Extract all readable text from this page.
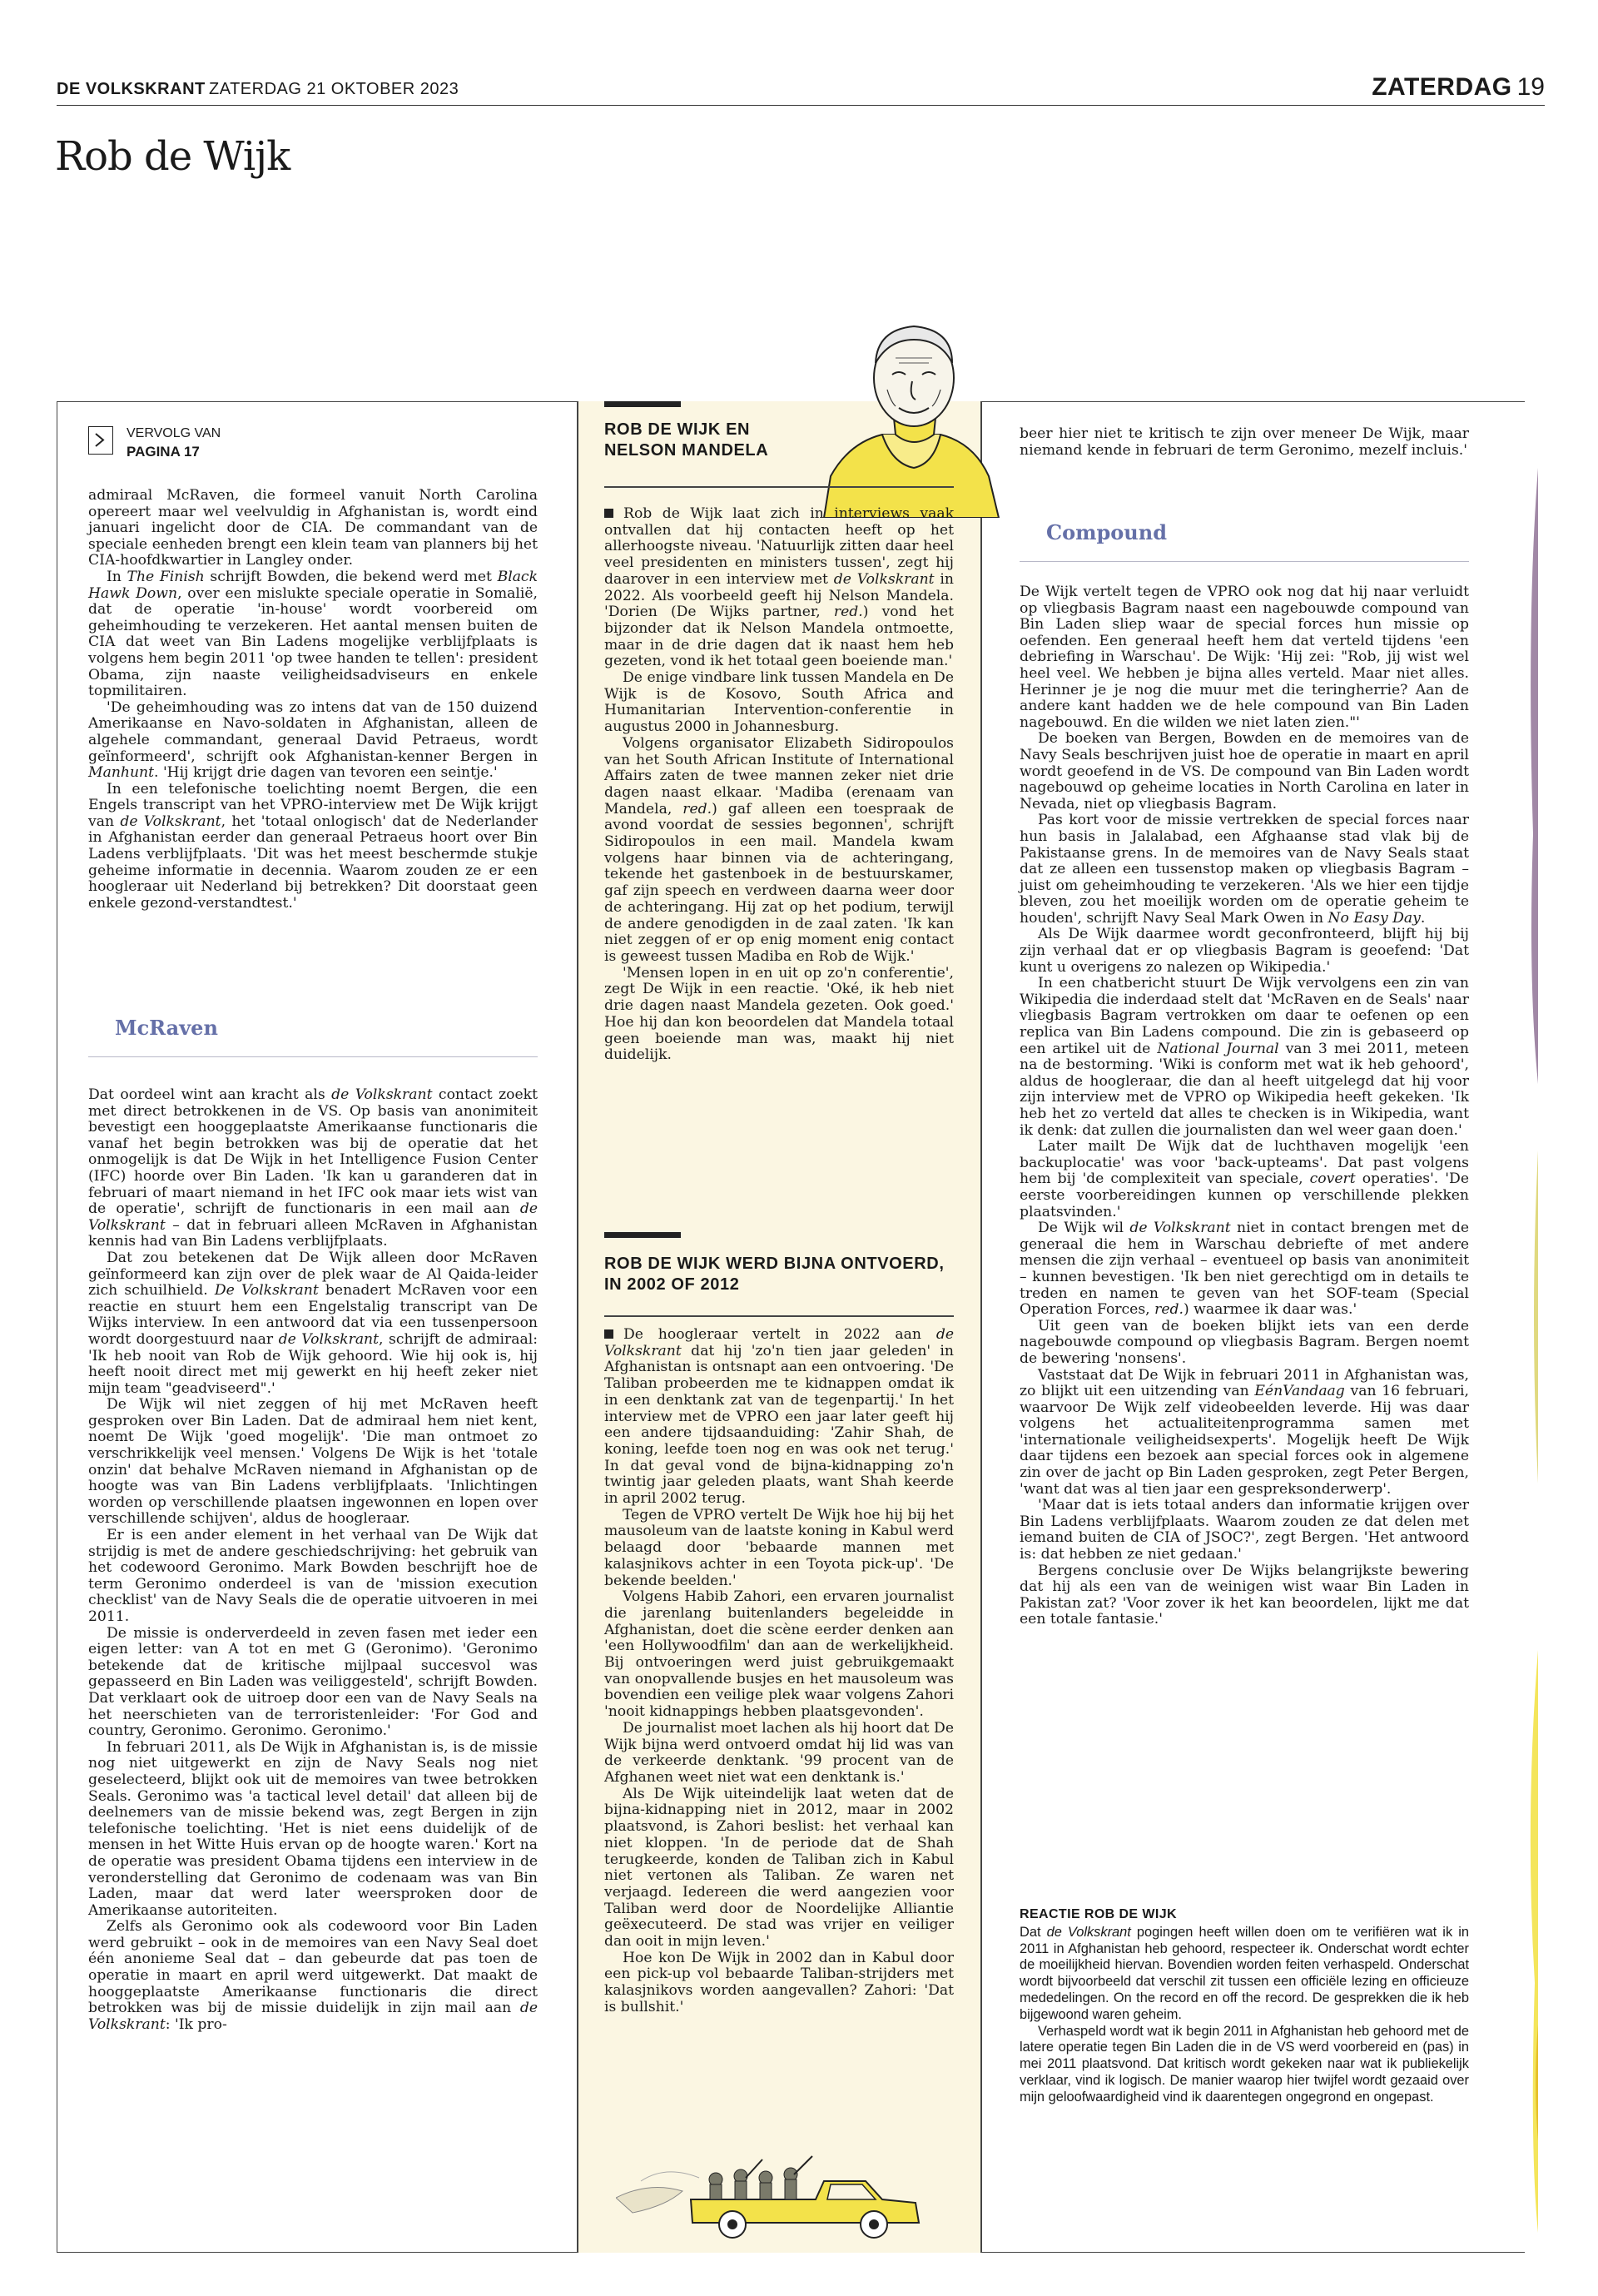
DE VOLKSKRANT ZATERDAG 21 OKTOBER 2023	ZATERDAG 19
Rob de Wijk
VERVOLG VAN
PAGINA 17

admiraal McRaven, die formeel vanuit North Carolina opereert maar wel veelvuldig in Afghanistan is, wordt eind januari ingelicht door de CIA. De commandant van de speciale eenheden brengt een klein team van planners bij het CIA-hoofdkwartier in Langley onder.

In The Finish schrijft Bowden, die bekend werd met Black Hawk Down, over een mislukte speciale operatie in Somalië, dat de operatie 'in-house' wordt voorbereid om geheimhouding te verzekeren. Het aantal mensen buiten de CIA dat weet van Bin Ladens mogelijke verblijfplaats is volgens hem begin 2011 'op twee handen te tellen': president Obama, zijn naaste veiligheidsadviseurs en enkele topmilitairen.

'De geheimhouding was zo intens dat van de 150 duizend Amerikaanse en Navo-soldaten in Afghanistan, alleen de algehele commandant, generaal David Petraeus, wordt geïnformeerd', schrijft ook Afghanistan-kenner Bergen in Manhunt. 'Hij krijgt drie dagen van tevoren een seintje.'

In een telefonische toelichting noemt Bergen, die een Engels transcript van het VPRO-interview met De Wijk krijgt van de Volkskrant, het 'totaal onlogisch' dat de Nederlander in Afghanistan eerder dan generaal Petraeus hoort over Bin Ladens verblijfplaats. 'Dit was het meest beschermde stukje geheime informatie in decennia. Waarom zouden ze er een hoogleraar uit Nederland bij betrekken? Dit doorstaat geen enkele gezond-verstandtest.'

McRaven

Dat oordeel wint aan kracht als de Volkskrant contact zoekt met direct betrokkenen in de VS. Op basis van anonimiteit bevestigt een hooggeplaatste Amerikaanse functionaris die vanaf het begin betrokken was bij de operatie dat het onmogelijk is dat De Wijk in het Intelligence Fusion Center (IFC) hoorde over Bin Laden. 'Ik kan u garanderen dat in februari of maart niemand in het IFC ook maar iets wist van de operatie', schrijft de functionaris in een mail aan de Volkskrant – dat in februari alleen McRaven in Afghanistan kennis had van Bin Ladens verblijfplaats.

Dat zou betekenen dat De Wijk alleen door McRaven geïnformeerd kan zijn over de plek waar de Al Qaida-leider zich schuilhield. De Volkskrant benadert McRaven voor een reactie en stuurt hem een Engelstalig transcript van De Wijks interview. In een antwoord dat via een tussenpersoon wordt doorgestuurd naar de Volkskrant, schrijft de admiraal: 'Ik heb nooit van Rob de Wijk gehoord. Wie hij ook is, hij heeft nooit direct met mij gewerkt en hij heeft zeker niet mijn team "geadviseerd".'

De Wijk wil niet zeggen of hij met McRaven heeft gesproken over Bin Laden. Dat de admiraal hem niet kent, noemt De Wijk 'goed mogelijk'. 'Die man ontmoet zo verschrikkelijk veel mensen.' Volgens De Wijk is het 'totale onzin' dat behalve McRaven niemand in Afghanistan op de hoogte was van Bin Ladens verblijfplaats. 'Inlichtingen worden op verschillende plaatsen ingewonnen en lopen over verschillende schijven', aldus de hoogleraar.

Er is een ander element in het verhaal van De Wijk dat strijdig is met de andere geschiedschrijving: het gebruik van het codewoord Geronimo. Mark Bowden beschrijft hoe de term Geronimo onderdeel is van de 'mission execution checklist' van de Navy Seals die de operatie uitvoeren in mei 2011.

De missie is onderverdeeld in zeven fasen met ieder een eigen letter: van A tot en met G (Geronimo). 'Geronimo betekende dat de kritische mijlpaal succesvol was gepasseerd en Bin Laden was veiliggesteld', schrijft Bowden. Dat verklaart ook de uitroep door een van de Navy Seals na het neerschieten van de terroristenleider: 'For God and country, Geronimo. Geronimo. Geronimo.'

In februari 2011, als De Wijk in Afghanistan is, is de missie nog niet uitgewerkt en zijn de Navy Seals nog niet geselecteerd, blijkt ook uit de memoires van twee betrokken Seals. Geronimo was 'a tactical level detail' dat alleen bij de deelnemers van de missie bekend was, zegt Bergen in zijn telefonische toelichting. 'Het is niet eens duidelijk of de mensen in het Witte Huis ervan op de hoogte waren.' Kort na de operatie was president Obama tijdens een interview in de veronderstelling dat Geronimo de codenaam was van Bin Laden, maar dat werd later weersproken door de Amerikaanse autoriteiten.

Zelfs als Geronimo ook als codewoord voor Bin Laden werd gebruikt – ook in de memoires van een Navy Seal doet één anonieme Seal dat – dan gebeurde dat pas toen de operatie in maart en april werd uitgewerkt. Dat maakt de hooggeplaatste Amerikaanse functionaris die direct betrokken was bij de missie duidelijk in zijn mail aan de Volkskrant: 'Ik pro-

ROB DE WIJK EN
NELSON MANDELA

Rob de Wijk laat zich in interviews vaak ontvallen dat hij contacten heeft op het allerhoogste niveau. 'Natuurlijk zitten daar heel veel presidenten en ministers tussen', zegt hij daarover in een interview met de Volkskrant in 2022. Als voorbeeld geeft hij Nelson Mandela. 'Dorien (De Wijks partner, red.) vond het bijzonder dat ik Nelson Mandela ontmoette, maar in de drie dagen dat ik naast hem heb gezeten, vond ik het totaal geen boeiende man.'

De enige vindbare link tussen Mandela en De Wijk is de Kosovo, South Africa and Humanitarian Intervention-conferentie in augustus 2000 in Johannesburg.

Volgens organisator Elizabeth Sidiropoulos van het South African Institute of International Affairs zaten de twee mannen zeker niet drie dagen naast elkaar. 'Madiba (erenaam van Mandela, red.) gaf alleen een toespraak de avond voordat de sessies begonnen', schrijft Sidiropoulos in een mail. Mandela kwam volgens haar binnen via de achteringang, tekende het gastenboek in de bestuurskamer, gaf zijn speech en verdween daarna weer door de achteringang. Hij zat op het podium, terwijl de andere genodigden in de zaal zaten. 'Ik kan niet zeggen of er op enig moment enig contact is geweest tussen Madiba en Rob de Wijk.'

'Mensen lopen in en uit op zo'n conferentie', zegt De Wijk in een reactie. 'Oké, ik heb niet drie dagen naast Mandela gezeten. Ook goed.' Hoe hij dan kon beoordelen dat Mandela totaal geen boeiende man was, maakt hij niet duidelijk.

ROB DE WIJK WERD BIJNA ONTVOERD,
IN 2002 OF 2012

De hoogleraar vertelt in 2022 aan de Volkskrant dat hij 'zo'n tien jaar geleden' in Afghanistan is ontsnapt aan een ontvoering. 'De Taliban probeerden me te kidnappen omdat ik in een denktank zat van de tegenpartij.' In het interview met de VPRO een jaar later geeft hij een andere tijdsaanduiding: 'Zahir Shah, de koning, leefde toen nog en was ook net terug.' In dat geval vond de bijna-kidnapping zo'n twintig jaar geleden plaats, want Shah keerde in april 2002 terug.

Tegen de VPRO vertelt De Wijk hoe hij bij het mausoleum van de laatste koning in Kabul werd belaagd door 'bebaarde mannen met kalasjnikovs achter in een Toyota pick-up'. 'De bekende beelden.'

Volgens Habib Zahori, een ervaren journalist die jarenlang buitenlanders begeleidde in Afghanistan, doet die scène eerder denken aan 'een Hollywoodfilm' dan aan de werkelijkheid. Bij ontvoeringen werd juist gebruikgemaakt van onopvallende busjes en het mausoleum was bovendien een veilige plek waar volgens Zahori 'nooit kidnappings hebben plaatsgevonden'.

De journalist moet lachen als hij hoort dat De Wijk bijna werd ontvoerd omdat hij lid was van de verkeerde denktank. '99 procent van de Afghanen weet niet wat een denktank is.'

Als De Wijk uiteindelijk laat weten dat de bijna-kidnapping niet in 2012, maar in 2002 plaatsvond, is Zahori beslist: het verhaal kan niet kloppen. 'In de periode dat de Shah terugkeerde, konden de Taliban zich in Kabul niet vertonen als Taliban. Ze waren net verjaagd. Iedereen die werd aangezien voor Taliban werd door de Noordelijke Alliantie geëxecuteerd. De stad was vrijer en veiliger dan ooit in mijn leven.'

Hoe kon De Wijk in 2002 dan in Kabul door een pick-up vol bebaarde Taliban-strijders met kalasjnikovs worden aangevallen? Zahori: 'Dat is bullshit.'

beer hier niet te kritisch te zijn over meneer De Wijk, maar niemand kende in februari de term Geronimo, mezelf incluis.'

Compound

De Wijk vertelt tegen de VPRO ook nog dat hij naar verluidt op vliegbasis Bagram naast een nagebouwde compound van Bin Laden sliep waar de special forces hun missie op oefenden. Een generaal heeft hem dat verteld tijdens 'een debriefing in Warschau'. De Wijk: 'Hij zei: "Rob, jij wist wel heel veel. We hebben je bijna alles verteld. Maar niet alles. Herinner je je nog die muur met die teringherrie? Aan de andere kant hadden we de hele compound van Bin Laden nagebouwd. En die wilden we niet laten zien."'

De boeken van Bergen, Bowden en de memoires van de Navy Seals beschrijven juist hoe de operatie in maart en april wordt geoefend in de VS. De compound van Bin Laden wordt nagebouwd op geheime locaties in North Carolina en later in Nevada, niet op vliegbasis Bagram.

Pas kort voor de missie vertrekken de special forces naar hun basis in Jalalabad, een Afghaanse stad vlak bij de Pakistaanse grens. In de memoires van de Navy Seals staat dat ze alleen een tussenstop maken op vliegbasis Bagram – juist om geheimhouding te verzekeren. 'Als we hier een tijdje bleven, zou het moeilijk worden om de operatie geheim te houden', schrijft Navy Seal Mark Owen in No Easy Day.

Als De Wijk daarmee wordt geconfronteerd, blijft hij bij zijn verhaal dat er op vliegbasis Bagram is geoefend: 'Dat kunt u overigens zo nalezen op Wikipedia.'

In een chatbericht stuurt De Wijk vervolgens een zin van Wikipedia die inderdaad stelt dat 'McRaven en de Seals' naar vliegbasis Bagram vertrokken om daar te oefenen op een replica van Bin Ladens compound. Die zin is gebaseerd op een artikel uit de National Journal van 3 mei 2011, meteen na de bestorming. 'Wiki is conform met wat ik heb gehoord', aldus de hoogleraar, die dan al heeft uitgelegd dat hij voor zijn interview met de VPRO op Wikipedia heeft gekeken. 'Ik heb het zo verteld dat alles te checken is in Wikipedia, want ik denk: dat zullen die journalisten dan wel weer gaan doen.'

Later mailt De Wijk dat de luchthaven mogelijk 'een backuplocatie' was voor 'back-upteams'. Dat past volgens hem bij 'de complexiteit van speciale, covert operaties'. 'De eerste voorbereidingen kunnen op verschillende plekken plaatsvinden.'

De Wijk wil de Volkskrant niet in contact brengen met de generaal die hem in Warschau debriefte of met andere mensen die zijn verhaal – eventueel op basis van anonimiteit – kunnen bevestigen. 'Ik ben niet gerechtigd om in details te treden en namen te geven van het SOF-team (Special Operation Forces, red.) waarmee ik daar was.'

Uit geen van de boeken blijkt iets van een derde nagebouwde compound op vliegbasis Bagram. Bergen noemt de bewering 'nonsens'.

Vaststaat dat De Wijk in februari 2011 in Afghanistan was, zo blijkt uit een uitzending van EénVandaag van 16 februari, waarvoor De Wijk zelf videobeelden leverde. Hij was daar volgens het actualiteitenprogramma samen met 'internationale veiligheidsexperts'. Mogelijk heeft De Wijk daar tijdens een bezoek aan special forces ook in algemene zin over de jacht op Bin Laden gesproken, zegt Peter Bergen, 'want dat was al tien jaar een gespreksonderwerp'.

'Maar dat is iets totaal anders dan informatie krijgen over Bin Ladens verblijfplaats. Waarom zouden ze dat delen met iemand buiten de CIA of JSOC?', zegt Bergen. 'Het antwoord is: dat hebben ze niet gedaan.'

Bergens conclusie over De Wijks belangrijkste bewering dat hij als een van de weinigen wist waar Bin Laden in Pakistan zat? 'Voor zover ik het kan beoordelen, lijkt me dat een totale fantasie.'

REACTIE ROB DE WIJK

Dat de Volkskrant pogingen heeft willen doen om te verifiëren wat ik in 2011 in Afghanistan heb gehoord, respecteer ik. Onderschat wordt echter de moeilijkheid hiervan. Bovendien worden feiten verhaspeld. Onderschat wordt bijvoorbeeld dat verschil zit tussen een officiële lezing en officieuze mededelingen. On the record en off the record. De gesprekken die ik heb bijgewoond waren geheim.

Verhaspeld wordt wat ik begin 2011 in Afghanistan heb gehoord met de latere operatie tegen Bin Laden die in de VS werd voorbereid en (pas) in mei 2011 plaatsvond. Dat kritisch wordt gekeken naar wat ik publiekelijk verklaar, vind ik logisch. De manier waarop hier twijfel wordt gezaaid over mijn geloofwaardigheid vind ik daarentegen ongegrond en ongepast.
